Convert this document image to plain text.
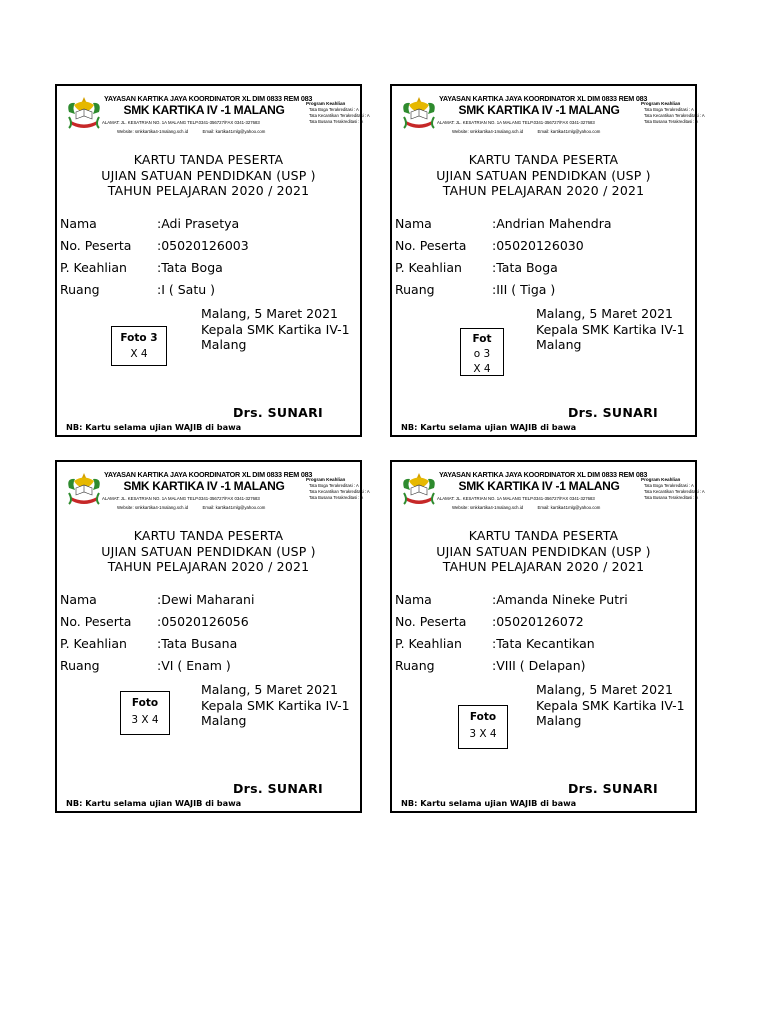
YAYASAN KARTIKA JAYA KOORDINATOR XL DIM 0833 REM 083
SMK KARTIKA IV -1 MALANG
ALAMAT: JL. KESATRIAN NO. 1A MALANG TELP.0341-356727/FAX 0341-327683
Website: smkkartika4-1malang.sch.id	Email: kartika41mlg@yahoo.com
Program Keahlian
Tata Boga Terakreditasi : A
Tata Kecantikan Terakreditasi : A
Tata Busana Terakreditasi : A
KARTU TANDA PESERTA
UJIAN SATUAN PENDIDKAN (USP )
TAHUN PELAJARAN 2020 / 2021
Nama	:Adi Prasetya
No. Peserta :05020126003
P. Keahlian :Tata Boga
Ruang	:I ( Satu )
Malang, 5 Maret 2021
Kepala SMK Kartika IV-1
Malang
Foto 3
X 4
Drs. SUNARI
NB: Kartu selama ujian WAJIB di bawa
YAYASAN KARTIKA JAYA KOORDINATOR XL DIM 0833 REM 083
SMK KARTIKA IV -1 MALANG
ALAMAT: JL. KESATRIAN NO. 1A MALANG TELP.0341-356727/FAX 0341-327683
Website: smkkartika4-1malang.sch.id	Email: kartika41mlg@yahoo.com
Program Keahlian
Tata Boga Terakreditasi : A
Tata Kecantikan Terakreditasi : A
Tata Busana Terakreditasi : A
KARTU TANDA PESERTA
UJIAN SATUAN PENDIDKAN (USP )
TAHUN PELAJARAN 2020 / 2021
Nama	:Andrian Mahendra
No. Peserta :05020126030
P. Keahlian :Tata Boga
Ruang	:III ( Tiga )
Malang, 5 Maret 2021
Kepala SMK Kartika IV-1
Malang
Fot
o 3
X 4
Drs. SUNARI
NB: Kartu selama ujian WAJIB di bawa
YAYASAN KARTIKA JAYA KOORDINATOR XL DIM 0833 REM 083
SMK KARTIKA IV -1 MALANG
ALAMAT: JL. KESATRIAN NO. 1A MALANG TELP.0341-356727/FAX 0341-327683
Website: smkkartika4-1malang.sch.id	Email: kartika41mlg@yahoo.com
Program Keahlian
Tata Boga Terakreditasi : A
Tata Kecantikan Terakreditasi : A
Tata Busana Terakreditasi : A
KARTU TANDA PESERTA
UJIAN SATUAN PENDIDKAN (USP )
TAHUN PELAJARAN 2020 / 2021
Nama	:Dewi Maharani
No. Peserta :05020126056
P. Keahlian :Tata Busana
Ruang	:VI ( Enam )
Malang, 5 Maret 2021
Kepala SMK Kartika IV-1
Malang
Foto
3 X 4
Drs. SUNARI
NB: Kartu selama ujian WAJIB di bawa
YAYASAN KARTIKA JAYA KOORDINATOR XL DIM 0833 REM 083
SMK KARTIKA IV -1 MALANG
ALAMAT: JL. KESATRIAN NO. 1A MALANG TELP.0341-356727/FAX 0341-327683
Website: smkkartika4-1malang.sch.id	Email: kartika41mlg@yahoo.com
Program Keahlian
Tata Boga Terakreditasi : A
Tata Kecantikan Terakreditasi : A
Tata Busana Terakreditasi : A
KARTU TANDA PESERTA
UJIAN SATUAN PENDIDKAN (USP )
TAHUN PELAJARAN 2020 / 2021
Nama	:Amanda Nineke Putri
No. Peserta :05020126072
P. Keahlian :Tata Kecantikan
Ruang	:VIII ( Delapan)
Malang, 5 Maret 2021
Kepala SMK Kartika IV-1
Malang
Foto
3 X 4
Drs. SUNARI
NB: Kartu selama ujian WAJIB di bawa
